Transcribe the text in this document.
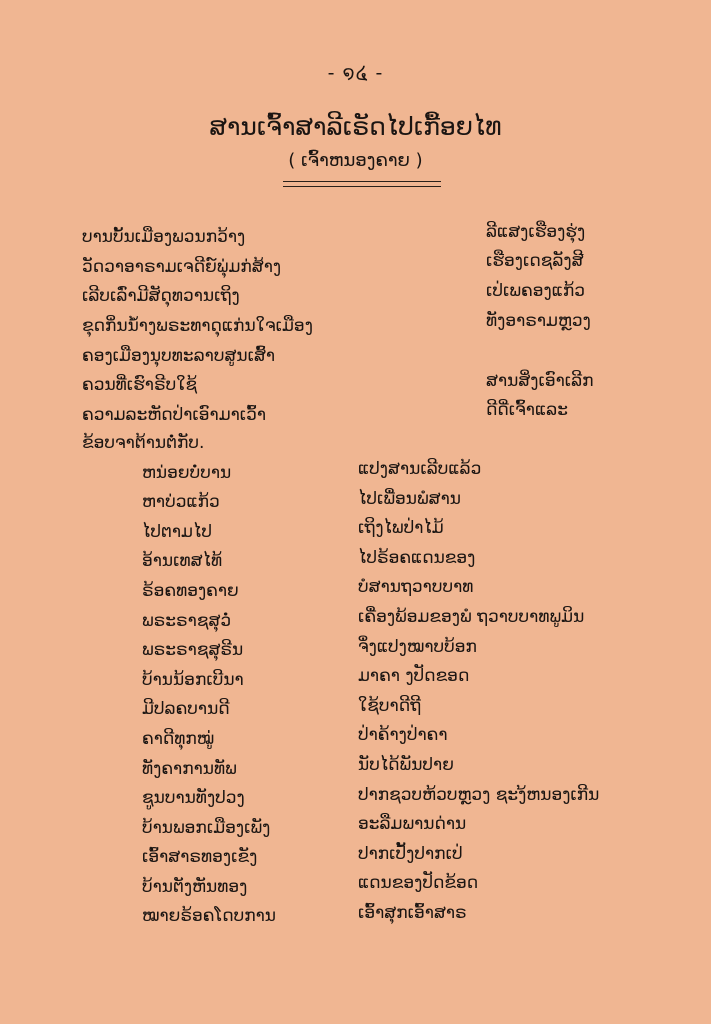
- ໑໔ -
ສານເຈົ້າສາລີເຣັດໄປເກື້ອຍໄທ
( ເຈົ້າຫນອງຄາຍ )
ບານບັ້ນເມືອງພວນກວ້າງ
ວັດວາອາຣາມເຈດີຍ໌ພຸ່ມກ່ສ້າງ
ເລີບເລົ່າມີສັດຸທວານເຖິງ
ຂຸດກິ່ນນ້ຳງພຣະທາດຸແກ່ນໃຈເມືອງ
ຄອງເມືອງນຸບທະລາບສູນເສົ້າ
ຄວນທີ່ເຮົາຣີບໃຊ້
ຄວາມລະຫັດປ່າເອົາມາເວົ້າ
ຂ້ອບຈາຕ້ານຕໍ່ກັບ.
ລີແສງເຮືອງຮຸ່ງ
ເຮືອງເດຊລັງສີ
ເປ່ເພຄອງແກ້ວ
ທັງອາຣາມຫຼວງ
ສານສິ່ງເອົາເລີກ
ດີດີ່ເຈົ້າແລະ
ຫນ່ອຍບໍ່ບານ
ຫາບ່ວແກ້ວ
ໄປຕາມໄປ
ອ້ານເທສໄທ້
ຣ້ອຄທອງຄາຍ
ພຣະຣາຊສຸວໍ່
ພຣະຣາຊສຸຣີນ
ບ້ານນ້ອກເບີນາ
ມີປລຄບານດີ
ຄາດີທຸກໝູ່
ທັງຄາການທັພ
ຊູນບານທັງປວງ
ບ້ານພອກເມືອງເພັງ
ເອົ້າສາຣທອງເຂັງ
ບ້ານຕັງຫັນທອງ
ໝາຍຣ້ອຄໂດບການ
ແປງສານເລີບແລ້ວ
ໄປເພື່ອນພໍສານ
ເຖິງໄພປ່າໄມ້
ໄປຣ້ອຄແດນຂອງ
ບໍສານຖວາບບາທ
ເຄື່ອງພ້ອມຂອງພໍ ຖວາບບາທພູມິນ
ຈຶ່ງແປງໝາບບ້ອກ
ມາຄາ ງປັດຂອດ
ໃຊ້ບາດີຖີ
ປ່າຄ້າງປ່າຄາ
ນັບໄດ້ພັນປາຍ
ປາກຊວບຫ້ວບຫຼວງ ຊະງ້ຫນອງເກີນ
ອະລືມພານດ່ານ
ປາກເປັ້ງປາກເປ່
ແດນຂອງປັດຂ້ອດ
ເອົ້າສຸກເອົ້າສາຣ
